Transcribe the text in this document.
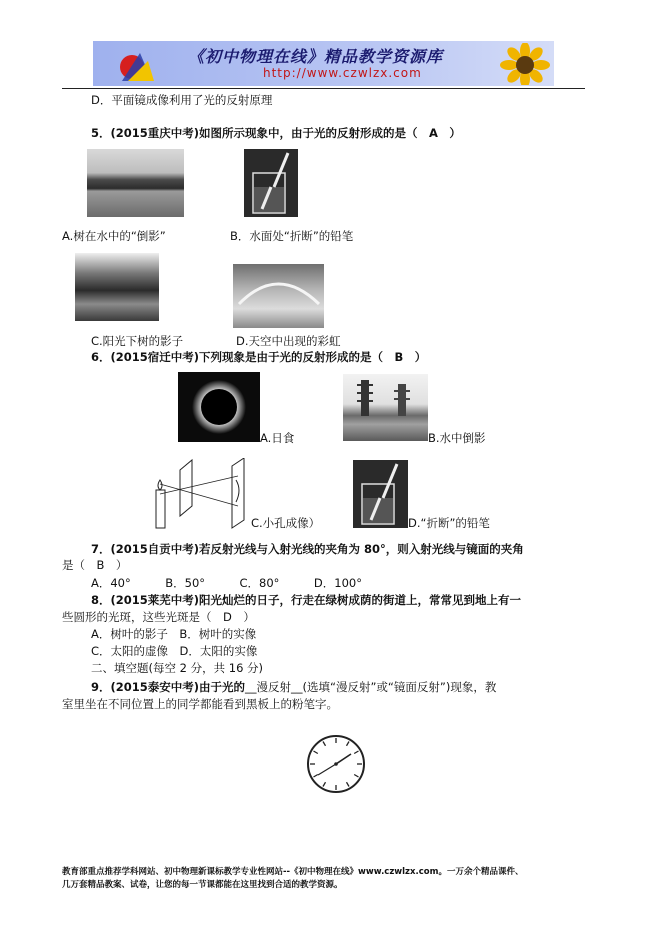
《初中物理在线》精品教学资源库
http://www.czwlzx.com
D．平面镜成像利用了光的反射原理
5．(2015重庆中考)如图所示现象中，由于光的反射形成的是（　A　）
A.树在水中的“倒影”	B．水面处“折断”的铅笔
C.阳光下树的影子	D.天空中出现的彩虹
6．(2015宿迁中考)下列现象是由于光的反射形成的是（　B　）
A.日食	B.水中倒影
C.小孔成像）	D.“折断”的铅笔
7．(2015自贡中考)若反射光线与入射光线的夹角为 80°，则入射光线与镜面的夹角
是（　B　）
A．40°　　　B．50°　　　C．80°　　　D．100°
8．(2015莱芜中考)阳光灿烂的日子，行走在绿树成荫的街道上，常常见到地上有一
些圆形的光斑，这些光斑是（　D　）
A．树叶的影子　B．树叶的实像
C．太阳的虚像　D．太阳的实像
二、填空题(每空 2 分，共 16 分)
9．(2015泰安中考)由于光的__漫反射__(选填“漫反射”或“镜面反射”)现象，教
室里坐在不同位置上的同学都能看到黑板上的粉笔字。
教育部重点推荐学科网站、初中物理新课标教学专业性网站--《初中物理在线》www.czwlzx.com。一万余个精品课件、
几万套精品教案、试卷，让您的每一节课都能在这里找到合适的教学资源。
